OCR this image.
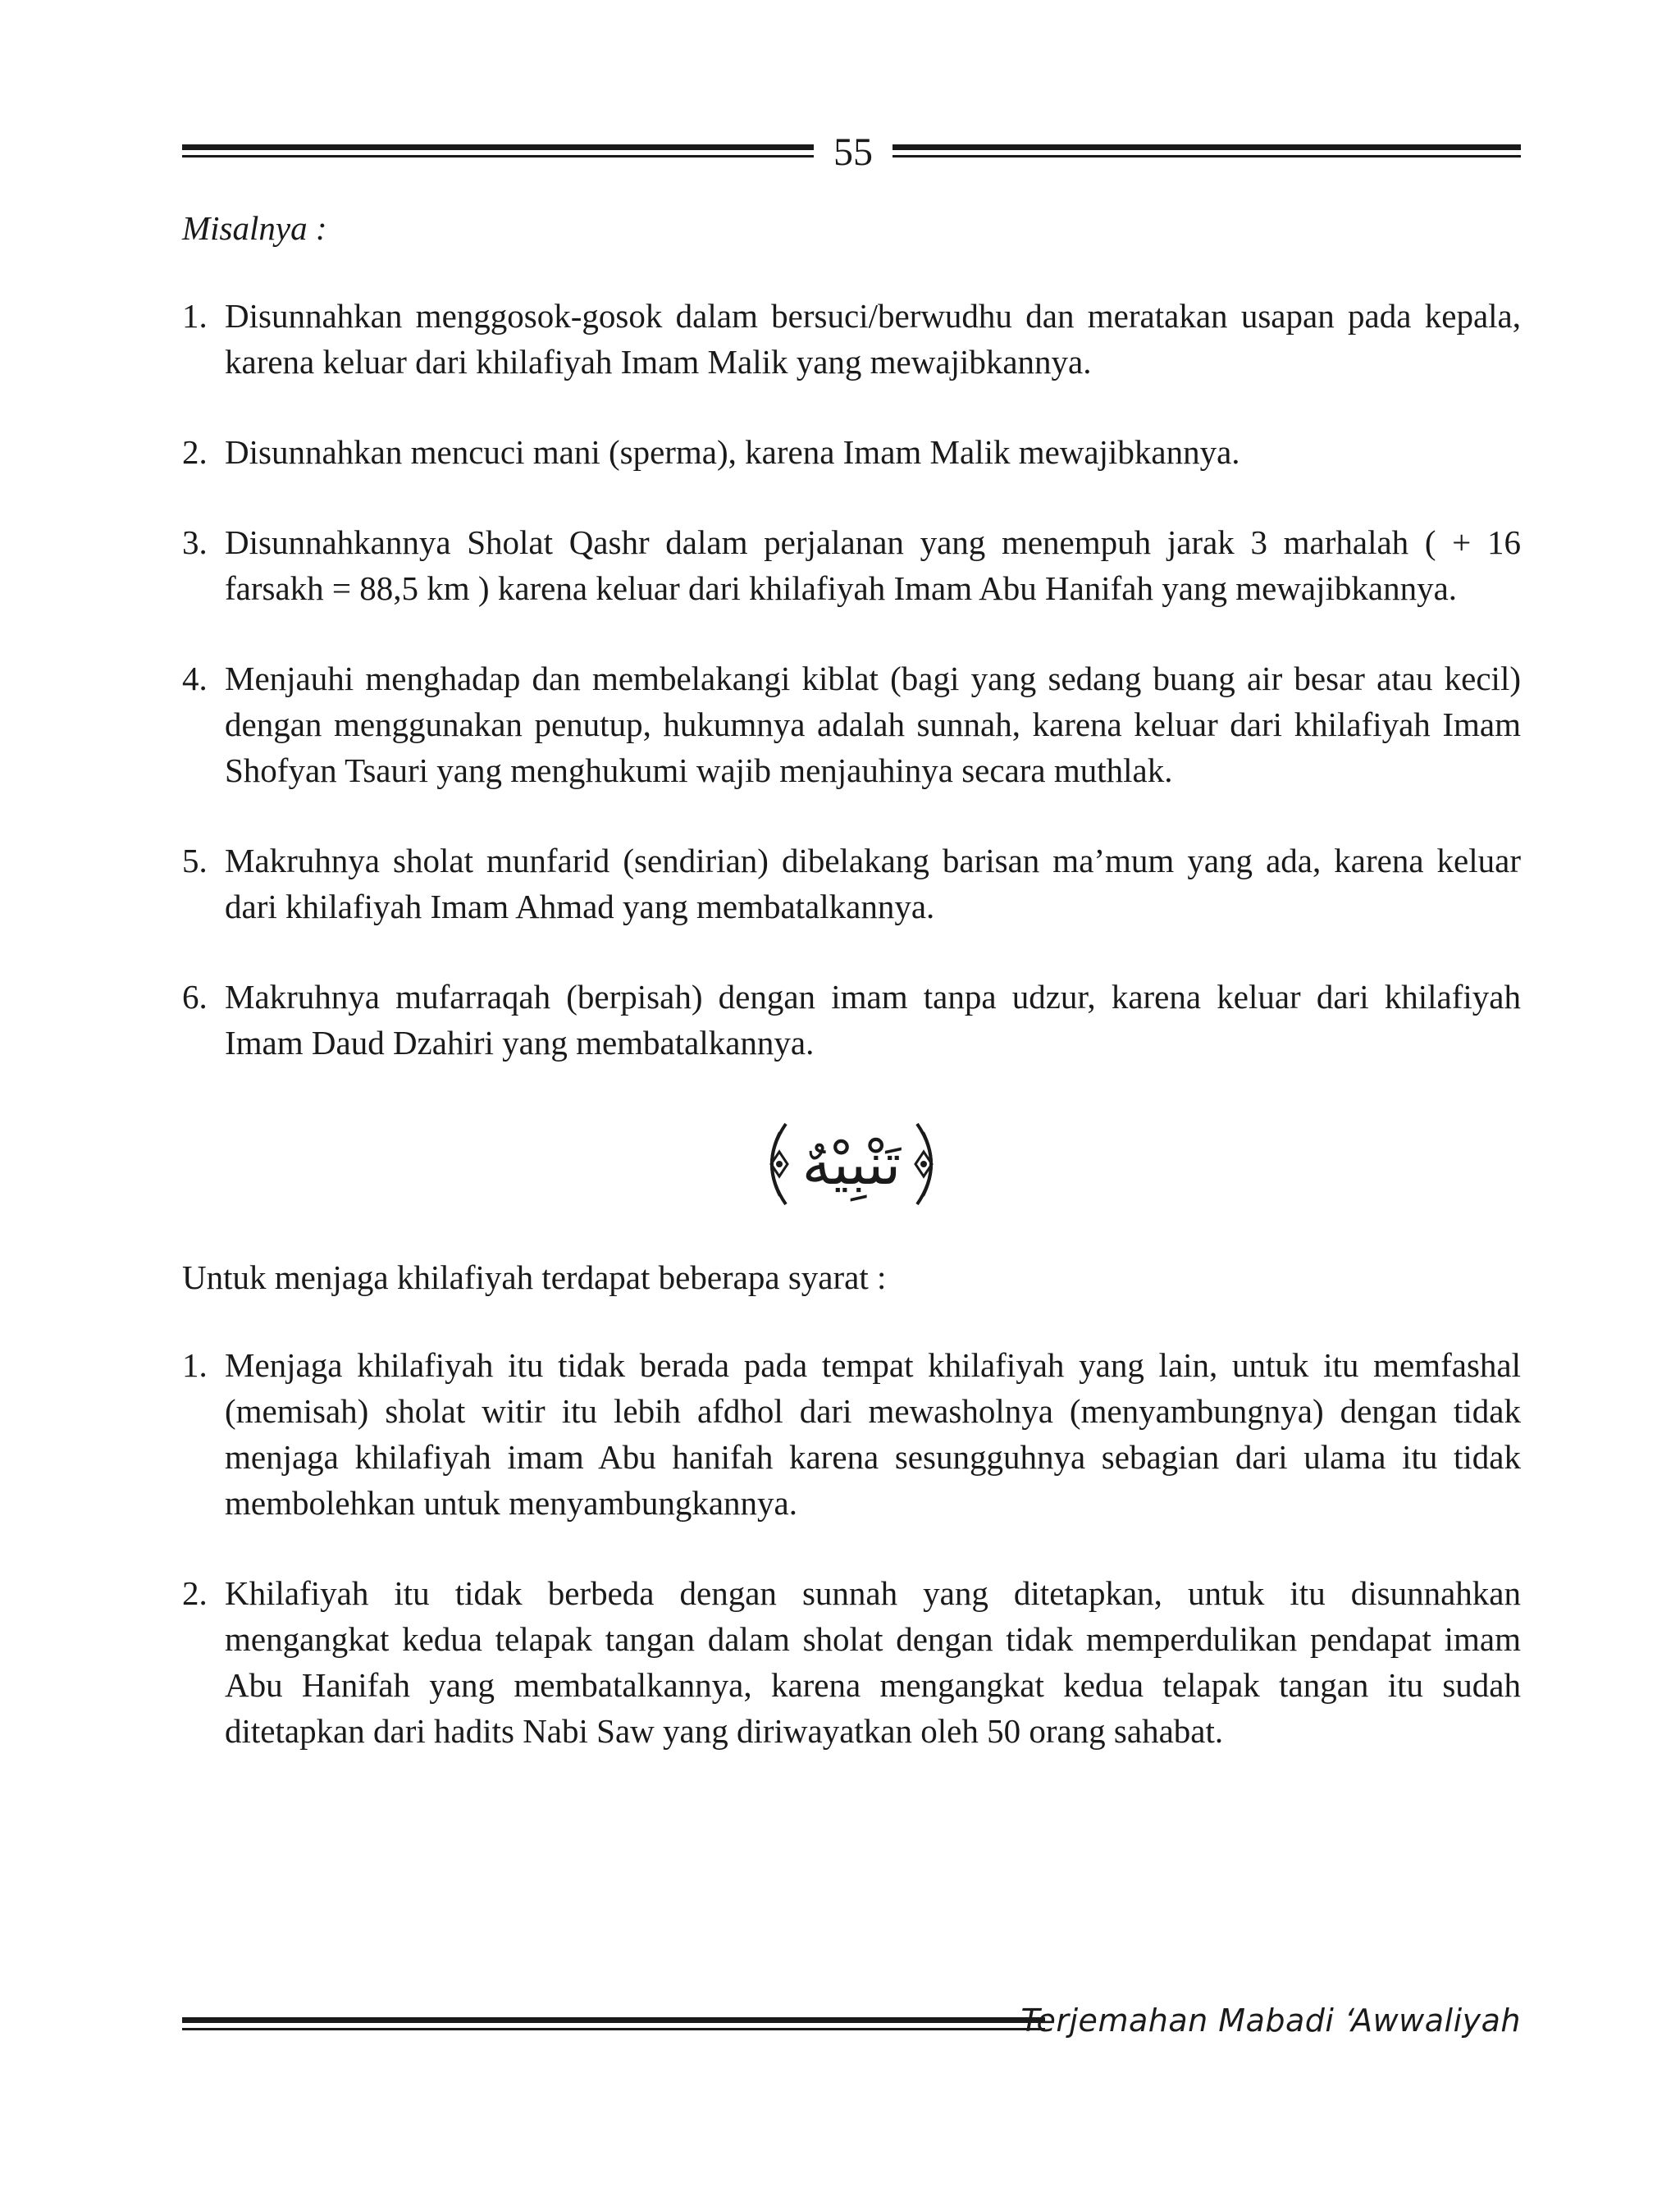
55

Misalnya :

1. Disunnahkan menggosok-gosok dalam bersuci/berwudhu dan meratakan usapan pada kepala, karena keluar dari khilafiyah Imam Malik yang mewajibkannya.
2. Disunnahkan mencuci mani (sperma), karena Imam Malik mewajibkannya.
3. Disunnahkannya Sholat Qashr dalam perjalanan yang menempuh jarak 3 marhalah ( + 16 farsakh = 88,5 km ) karena keluar dari khilafiyah Imam Abu Hanifah yang mewajibkannya.
4. Menjauhi menghadap dan membelakangi kiblat (bagi yang sedang buang air besar atau kecil) dengan menggunakan penutup, hukumnya adalah sunnah, karena keluar dari khilafiyah Imam Shofyan Tsauri yang menghukumi wajib menjauhinya secara muthlak.
5. Makruhnya sholat munfarid (sendirian) dibelakang barisan ma’mum yang ada, karena keluar dari khilafiyah Imam Ahmad yang membatalkannya.
6. Makruhnya mufarraqah (berpisah) dengan imam tanpa udzur, karena keluar dari khilafiyah Imam Daud Dzahiri yang membatalkannya.
تَنْبِيْهٌ

Untuk menjaga khilafiyah terdapat beberapa syarat :

1. Menjaga khilafiyah itu tidak berada pada tempat khilafiyah yang lain, untuk itu memfashal (memisah) sholat witir itu lebih afdhol dari mewasholnya (menyambungnya) dengan tidak menjaga khilafiyah imam Abu hanifah karena sesungguhnya sebagian dari ulama itu tidak membolehkan untuk menyambungkannya.
2. Khilafiyah itu tidak berbeda dengan sunnah yang ditetapkan, untuk itu disunnahkan mengangkat kedua telapak tangan dalam sholat dengan tidak memperdulikan pendapat imam Abu Hanifah yang membatalkannya, karena mengangkat kedua telapak tangan itu sudah ditetapkan dari hadits Nabi Saw yang diriwayatkan oleh 50 orang sahabat.
Terjemahan Mabadi ‘Awwaliyah
